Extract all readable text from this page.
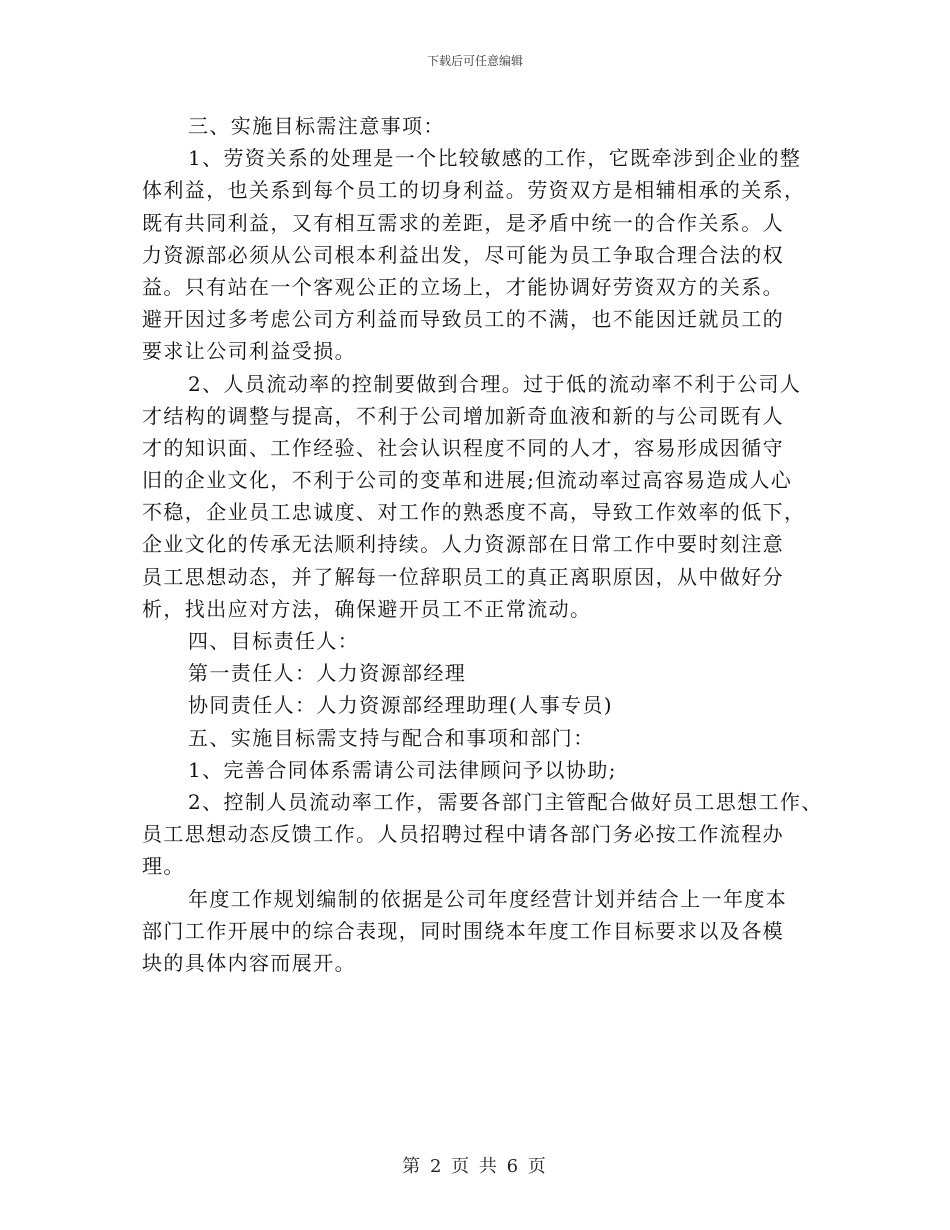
下载后可任意编辑
三、实施目标需注意事项：
1、劳资关系的处理是一个比较敏感的工作，它既牵涉到企业的整
体利益，也关系到每个员工的切身利益。劳资双方是相辅相承的关系，
既有共同利益，又有相互需求的差距，是矛盾中统一的合作关系。人
力资源部必须从公司根本利益出发，尽可能为员工争取合理合法的权
益。只有站在一个客观公正的立场上，才能协调好劳资双方的关系。
避开因过多考虑公司方利益而导致员工的不满，也不能因迁就员工的
要求让公司利益受损。
2、人员流动率的控制要做到合理。过于低的流动率不利于公司人
才结构的调整与提高，不利于公司增加新奇血液和新的与公司既有人
才的知识面、工作经验、社会认识程度不同的人才，容易形成因循守
旧的企业文化，不利于公司的变革和进展;但流动率过高容易造成人心
不稳，企业员工忠诚度、对工作的熟悉度不高，导致工作效率的低下，
企业文化的传承无法顺利持续。人力资源部在日常工作中要时刻注意
员工思想动态，并了解每一位辞职员工的真正离职原因，从中做好分
析，找出应对方法，确保避开员工不正常流动。
四、目标责任人：
第一责任人：人力资源部经理
协同责任人：人力资源部经理助理(人事专员)
五、实施目标需支持与配合和事项和部门：
1、完善合同体系需请公司法律顾问予以协助;
2、控制人员流动率工作，需要各部门主管配合做好员工思想工作、
员工思想动态反馈工作。人员招聘过程中请各部门务必按工作流程办
理。
年度工作规划编制的依据是公司年度经营计划并结合上一年度本
部门工作开展中的综合表现，同时围绕本年度工作目标要求以及各模
块的具体内容而展开。
第 2 页 共 6 页
